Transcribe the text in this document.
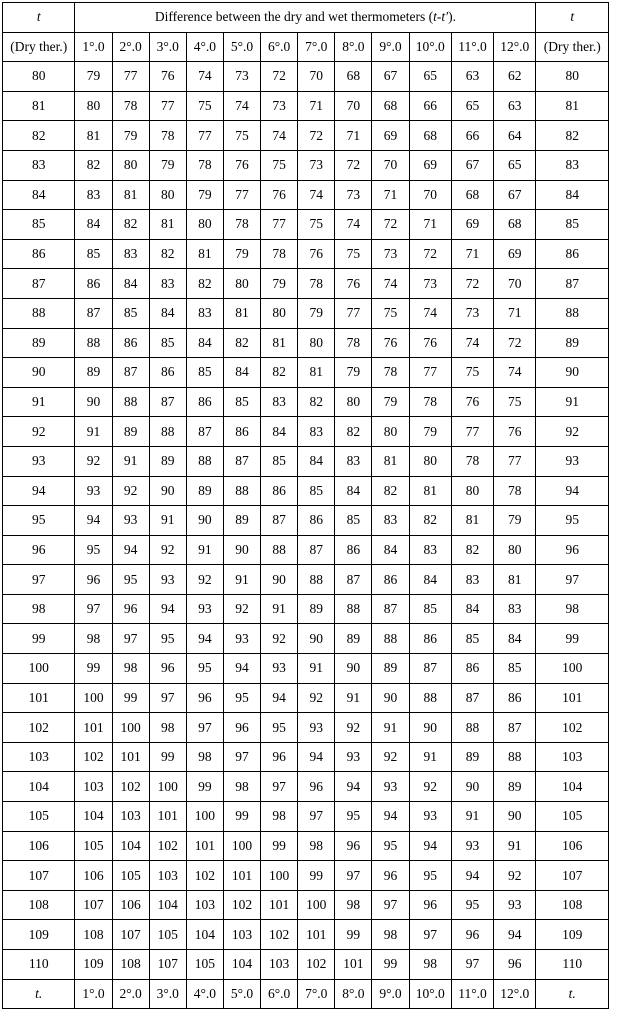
t	Difference between the dry and wet thermometers (t-t′).												t
(Dry ther.)	1°.0	2°.0	3°.0	4°.0	5°.0	6°.0	7°.0	8°.0	9°.0	10°.0	11°.0	12°.0	(Dry ther.)
80	79	77	76	74	73	72	70	68	67	65	63	62	80
81	80	78	77	75	74	73	71	70	68	66	65	63	81
82	81	79	78	77	75	74	72	71	69	68	66	64	82
83	82	80	79	78	76	75	73	72	70	69	67	65	83
84	83	81	80	79	77	76	74	73	71	70	68	67	84
85	84	82	81	80	78	77	75	74	72	71	69	68	85
86	85	83	82	81	79	78	76	75	73	72	71	69	86
87	86	84	83	82	80	79	78	76	74	73	72	70	87
88	87	85	84	83	81	80	79	77	75	74	73	71	88
89	88	86	85	84	82	81	80	78	76	76	74	72	89
90	89	87	86	85	84	82	81	79	78	77	75	74	90
91	90	88	87	86	85	83	82	80	79	78	76	75	91
92	91	89	88	87	86	84	83	82	80	79	77	76	92
93	92	91	89	88	87	85	84	83	81	80	78	77	93
94	93	92	90	89	88	86	85	84	82	81	80	78	94
95	94	93	91	90	89	87	86	85	83	82	81	79	95
96	95	94	92	91	90	88	87	86	84	83	82	80	96
97	96	95	93	92	91	90	88	87	86	84	83	81	97
98	97	96	94	93	92	91	89	88	87	85	84	83	98
99	98	97	95	94	93	92	90	89	88	86	85	84	99
100	99	98	96	95	94	93	91	90	89	87	86	85	100
101	100	99	97	96	95	94	92	91	90	88	87	86	101
102	101	100	98	97	96	95	93	92	91	90	88	87	102
103	102	101	99	98	97	96	94	93	92	91	89	88	103
104	103	102	100	99	98	97	96	94	93	92	90	89	104
105	104	103	101	100	99	98	97	95	94	93	91	90	105
106	105	104	102	101	100	99	98	96	95	94	93	91	106
107	106	105	103	102	101	100	99	97	96	95	94	92	107
108	107	106	104	103	102	101	100	98	97	96	95	93	108
109	108	107	105	104	103	102	101	99	98	97	96	94	109
110	109	108	107	105	104	103	102	101	99	98	97	96	110
t.	1°.0	2°.0	3°.0	4°.0	5°.0	6°.0	7°.0	8°.0	9°.0	10°.0	11°.0	12°.0	t.
